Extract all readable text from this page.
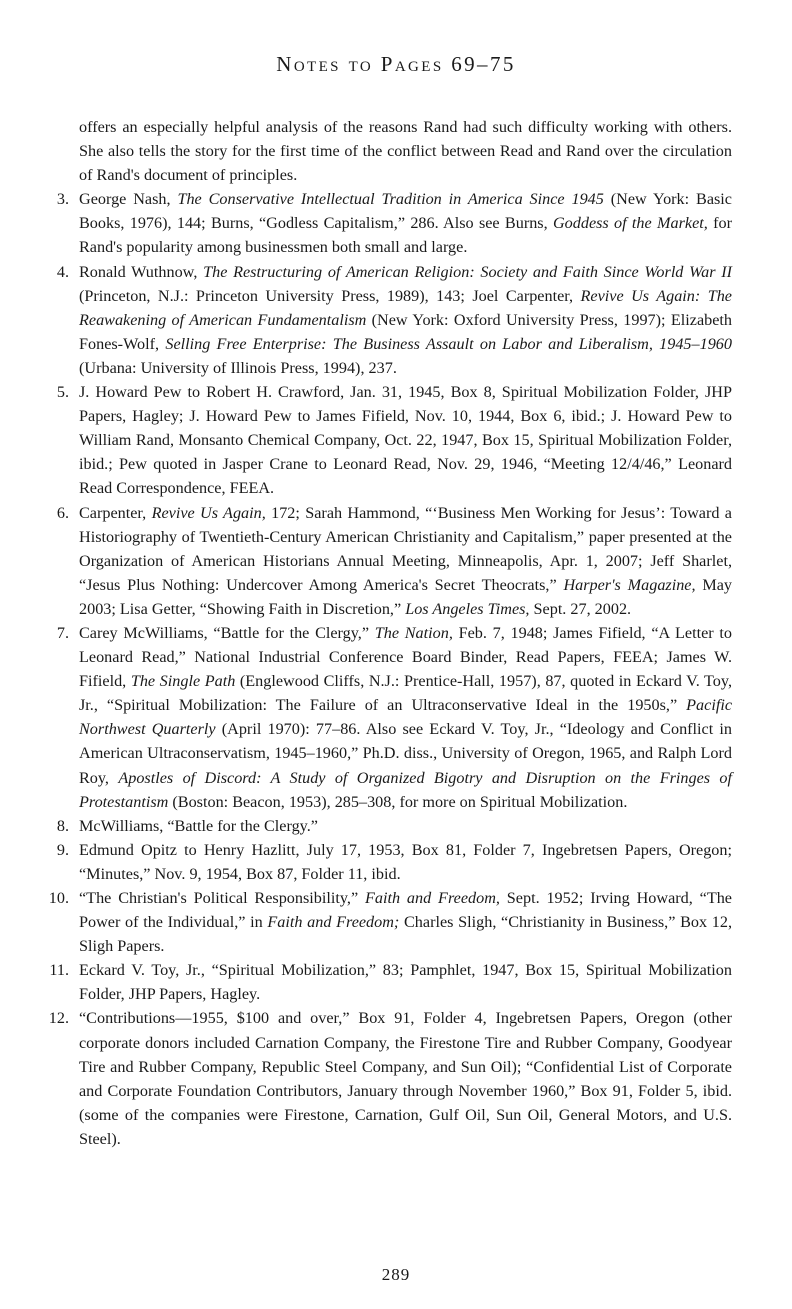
Notes to Pages 69–75
offers an especially helpful analysis of the reasons Rand had such difficulty working with others. She also tells the story for the first time of the conflict between Read and Rand over the circulation of Rand's document of principles.
3. George Nash, The Conservative Intellectual Tradition in America Since 1945 (New York: Basic Books, 1976), 144; Burns, “Godless Capitalism,” 286. Also see Burns, Goddess of the Market, for Rand's popularity among businessmen both small and large.
4. Ronald Wuthnow, The Restructuring of American Religion: Society and Faith Since World War II (Princeton, N.J.: Princeton University Press, 1989), 143; Joel Carpenter, Revive Us Again: The Reawakening of American Fundamentalism (New York: Oxford University Press, 1997); Elizabeth Fones-Wolf, Selling Free Enterprise: The Business Assault on Labor and Liberalism, 1945–1960 (Urbana: University of Illinois Press, 1994), 237.
5. J. Howard Pew to Robert H. Crawford, Jan. 31, 1945, Box 8, Spiritual Mobilization Folder, JHP Papers, Hagley; J. Howard Pew to James Fifield, Nov. 10, 1944, Box 6, ibid.; J. Howard Pew to William Rand, Monsanto Chemical Company, Oct. 22, 1947, Box 15, Spiritual Mobilization Folder, ibid.; Pew quoted in Jasper Crane to Leonard Read, Nov. 29, 1946, “Meeting 12/4/46,” Leonard Read Correspondence, FEEA.
6. Carpenter, Revive Us Again, 172; Sarah Hammond, “‘Business Men Working for Jesus’: Toward a Historiography of Twentieth-Century American Christianity and Capitalism,” paper presented at the Organization of American Historians Annual Meeting, Minneapolis, Apr. 1, 2007; Jeff Sharlet, “Jesus Plus Nothing: Undercover Among America's Secret Theocrats,” Harper's Magazine, May 2003; Lisa Getter, “Showing Faith in Discretion,” Los Angeles Times, Sept. 27, 2002.
7. Carey McWilliams, “Battle for the Clergy,” The Nation, Feb. 7, 1948; James Fifield, “A Letter to Leonard Read,” National Industrial Conference Board Binder, Read Papers, FEEA; James W. Fifield, The Single Path (Englewood Cliffs, N.J.: Prentice-Hall, 1957), 87, quoted in Eckard V. Toy, Jr., “Spiritual Mobilization: The Failure of an Ultraconservative Ideal in the 1950s,” Pacific Northwest Quarterly (April 1970): 77–86. Also see Eckard V. Toy, Jr., “Ideology and Conflict in American Ultraconservatism, 1945–1960,” Ph.D. diss., University of Oregon, 1965, and Ralph Lord Roy, Apostles of Discord: A Study of Organized Bigotry and Disruption on the Fringes of Protestantism (Boston: Beacon, 1953), 285–308, for more on Spiritual Mobilization.
8. McWilliams, “Battle for the Clergy.”
9. Edmund Opitz to Henry Hazlitt, July 17, 1953, Box 81, Folder 7, Ingebretsen Papers, Oregon; “Minutes,” Nov. 9, 1954, Box 87, Folder 11, ibid.
10. “The Christian's Political Responsibility,” Faith and Freedom, Sept. 1952; Irving Howard, “The Power of the Individual,” in Faith and Freedom; Charles Sligh, “Christianity in Business,” Box 12, Sligh Papers.
11. Eckard V. Toy, Jr., “Spiritual Mobilization,” 83; Pamphlet, 1947, Box 15, Spiritual Mobilization Folder, JHP Papers, Hagley.
12. “Contributions—1955, $100 and over,” Box 91, Folder 4, Ingebretsen Papers, Oregon (other corporate donors included Carnation Company, the Firestone Tire and Rubber Company, Goodyear Tire and Rubber Company, Republic Steel Company, and Sun Oil); “Confidential List of Corporate and Corporate Foundation Contributors, January through November 1960,” Box 91, Folder 5, ibid. (some of the companies were Firestone, Carnation, Gulf Oil, Sun Oil, General Motors, and U.S. Steel).
289
